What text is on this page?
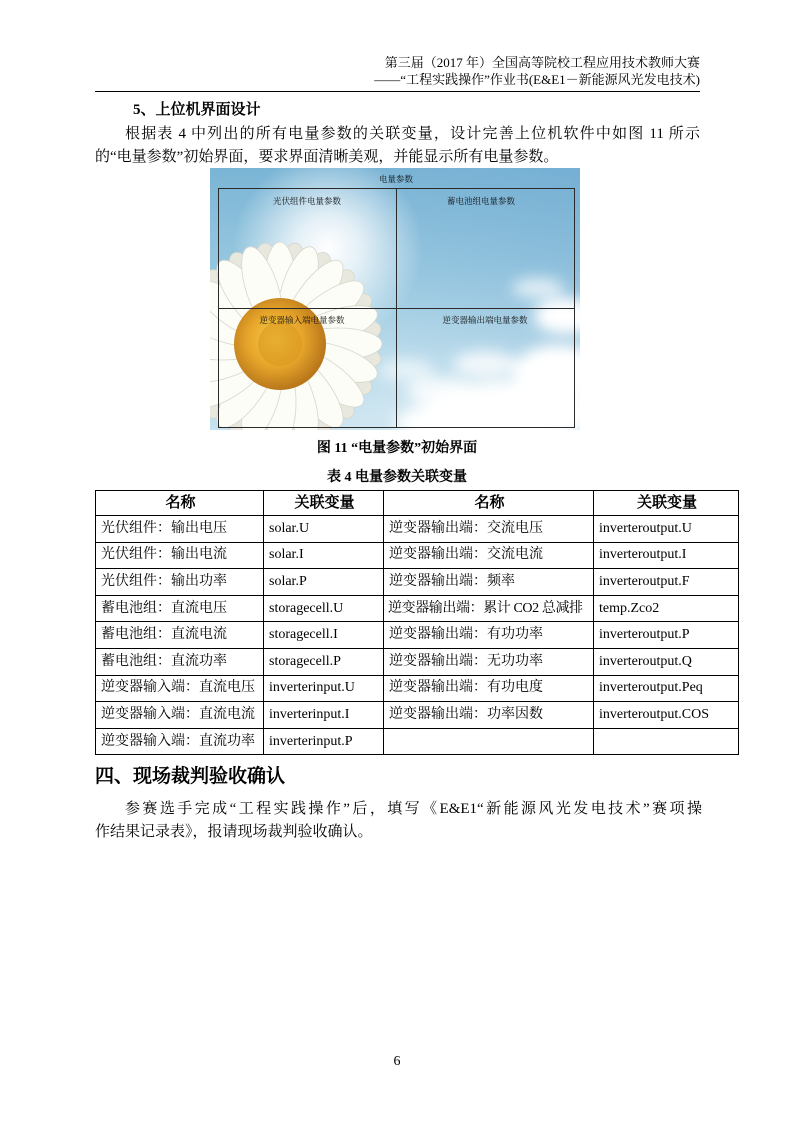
第三届（2017 年）全国高等院校工程应用技术教师大赛
——“工程实践操作”作业书(E&E1－新能源风光发电技术)
5、上位机界面设计
根据表 4 中列出的所有电量参数的关联变量，设计完善上位机软件中如图 11 所示
的“电量参数”初始界面，要求界面清晰美观，并能显示所有电量参数。
电量参数
光伏组件电量参数	蓄电池组电量参数
逆变器输入端电量参数	逆变器输出端电量参数
图 11 “电量参数”初始界面
表 4 电量参数关联变量
名称	关联变量	名称	关联变量
光伏组件：输出电压	solar.U	逆变器输出端：交流电压	inverteroutput.U
光伏组件：输出电流	solar.I	逆变器输出端：交流电流	inverteroutput.I
光伏组件：输出功率	solar.P	逆变器输出端：频率	inverteroutput.F
蓄电池组：直流电压	storagecell.U	逆变器输出端：累计 CO2 总减排	temp.Zco2
蓄电池组：直流电流	storagecell.I	逆变器输出端：有功功率	inverteroutput.P
蓄电池组：直流功率	storagecell.P	逆变器输出端：无功功率	inverteroutput.Q
逆变器输入端：直流电压	inverterinput.U	逆变器输出端：有功电度	inverteroutput.Peq
逆变器输入端：直流电流	inverterinput.I	逆变器输出端：功率因数	inverteroutput.COS
逆变器输入端：直流功率	inverterinput.P		
四、现场裁判验收确认
参赛选手完成“工程实践操作”后，填写《E&E1“新能源风光发电技术”赛项操
作结果记录表》，报请现场裁判验收确认。
6
